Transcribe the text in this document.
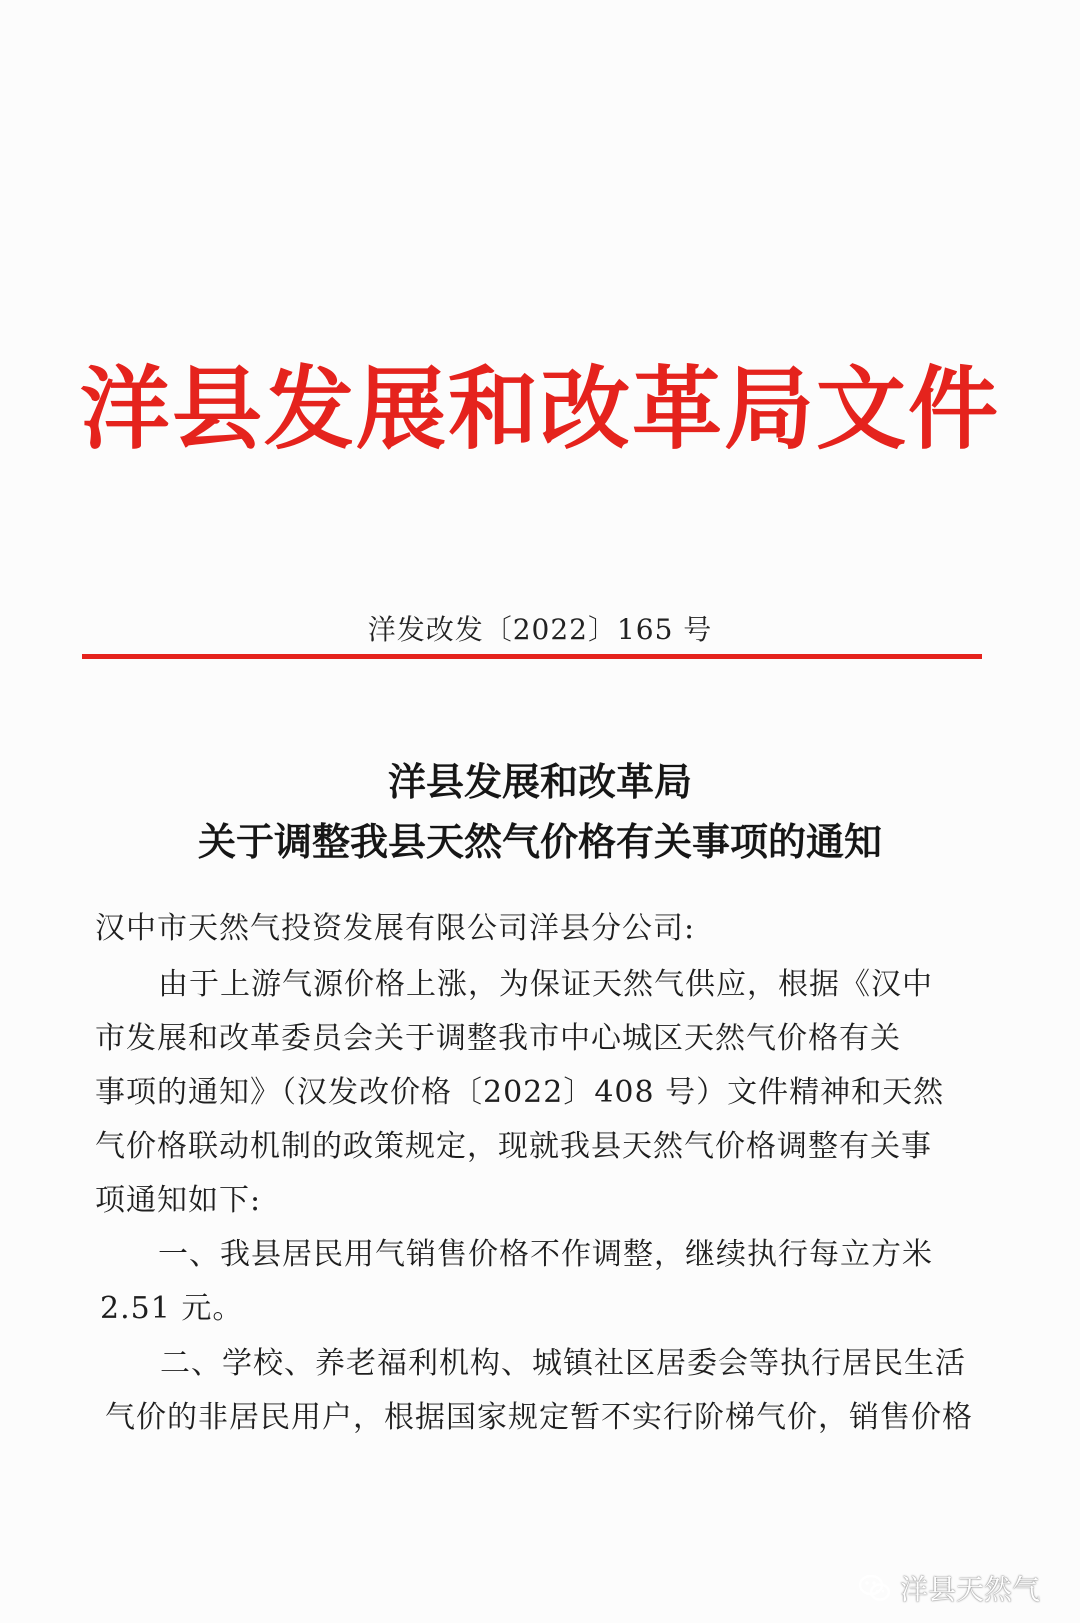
洋县发展和改革局文件
洋发改发〔2022〕165 号
洋县发展和改革局
关于调整我县天然气价格有关事项的通知
汉中市天然气投资发展有限公司洋县分公司:
由于上游气源价格上涨，为保证天然气供应，根据《汉中
市发展和改革委员会关于调整我市中心城区天然气价格有关
事项的通知》（汉发改价格〔2022〕408 号）文件精神和天然
气价格联动机制的政策规定，现就我县天然气价格调整有关事
项通知如下:
一、我县居民用气销售价格不作调整，继续执行每立方米
2.51 元。
二、学校、养老福利机构、城镇社区居委会等执行居民生活
气价的非居民用户，根据国家规定暂不实行阶梯气价，销售价格
洋县天然气
